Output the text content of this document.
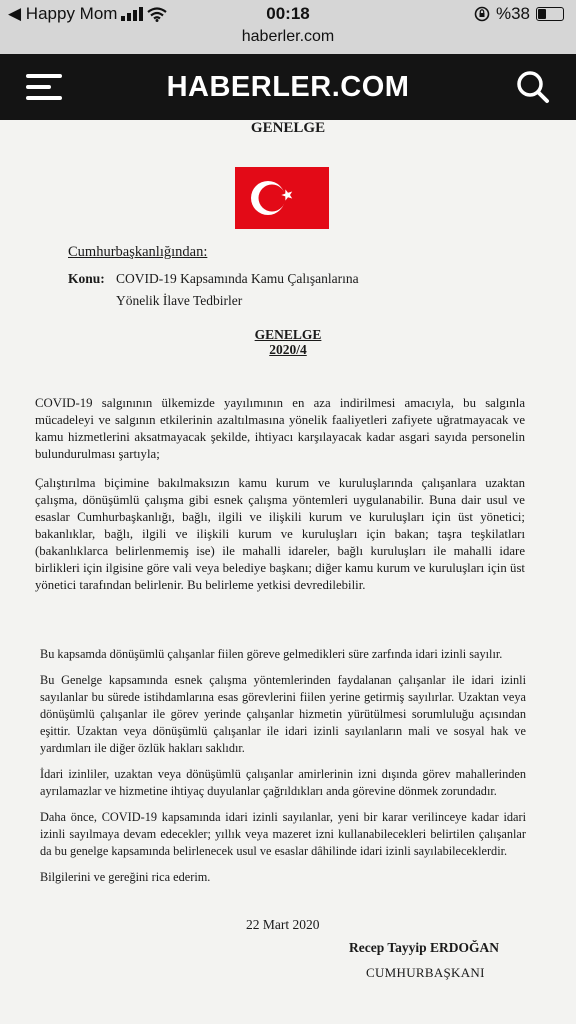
◀ Happy Mom	00:18
haberler.com
%38
HABERLER.COM
GENELGE
Cumhurbaşkanlığından:
Konu: COVID-19 Kapsamında Kamu Çalışanlarına
Yönelik İlave Tedbirler
GENELGE
2020/4

COVID-19 salgınının ülkemizde yayılımının en aza indirilmesi amacıyla, bu salgınla mücadeleyi ve salgının etkilerinin azaltılmasına yönelik faaliyetleri zafiyete uğratmayacak ve kamu hizmetlerini aksatmayacak şekilde, ihtiyacı karşılayacak kadar asgari sayıda personelin bulundurulması şartıyla;

Çalıştırılma biçimine bakılmaksızın kamu kurum ve kuruluşlarında çalışanlara uzaktan çalışma, dönüşümlü çalışma gibi esnek çalışma yöntemleri uygulanabilir. Buna dair usul ve esaslar Cumhurbaşkanlığı, bağlı, ilgili ve ilişkili kurum ve kuruluşları için üst yönetici; bakanlıklar, bağlı, ilgili ve ilişkili kurum ve kuruluşları için bakan; taşra teşkilatları (bakanlıklarca belirlenmemiş ise) ile mahalli idareler, bağlı kuruluşları ile mahalli idare birlikleri için ilgisine göre vali veya belediye başkanı; diğer kamu kurum ve kuruluşları için üst yönetici tarafından belirlenir. Bu belirleme yetkisi devredilebilir.

Bu kapsamda dönüşümlü çalışanlar fiilen göreve gelmedikleri süre zarfında idari izinli sayılır.

Bu Genelge kapsamında esnek çalışma yöntemlerinden faydalanan çalışanlar ile idari izinli sayılanlar bu sürede istihdamlarına esas görevlerini fiilen yerine getirmiş sayılırlar. Uzaktan veya dönüşümlü çalışanlar ile görev yerinde çalışanlar hizmetin yürütülmesi sorumluluğu açısından eşittir. Uzaktan veya dönüşümlü çalışanlar ile idari izinli sayılanların mali ve sosyal hak ve yardımları ile diğer özlük hakları saklıdır.

İdari izinliler, uzaktan veya dönüşümlü çalışanlar amirlerinin izni dışında görev mahallerinden ayrılamazlar ve hizmetine ihtiyaç duyulanlar çağrıldıkları anda görevine dönmek zorundadır.

Daha önce, COVID-19 kapsamında idari izinli sayılanlar, yeni bir karar verilinceye kadar idari izinli sayılmaya devam edecekler; yıllık veya mazeret izni kullanabilecekleri belirtilen çalışanlar da bu genelge kapsamında belirlenecek usul ve esaslar dâhilinde idari izinli sayılabileceklerdir.

Bilgilerini ve gereğini rica ederim.

22 Mart 2020
Recep Tayyip ERDOĞAN
CUMHURBAŞKANI
